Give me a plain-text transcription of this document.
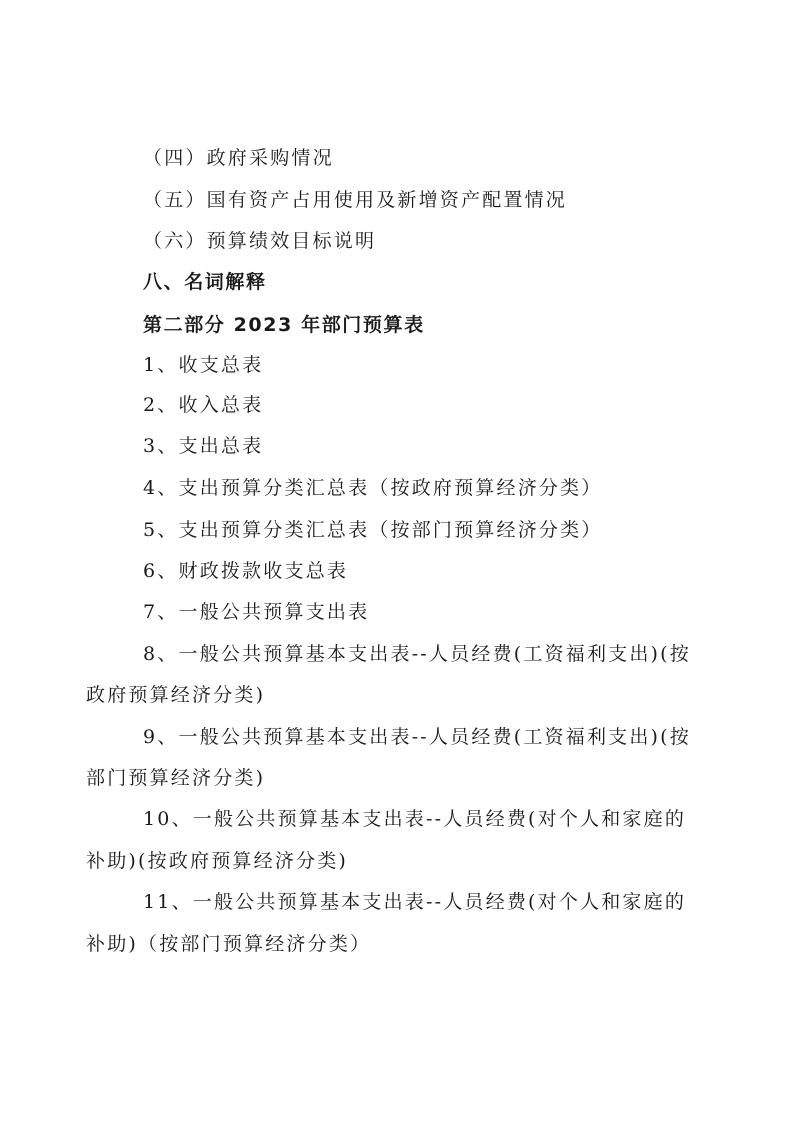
（四）政府采购情况
（五）国有资产占用使用及新增资产配置情况
（六）预算绩效目标说明
八、名词解释
第二部分 2023 年部门预算表
1、收支总表
2、收入总表
3、支出总表
4、支出预算分类汇总表（按政府预算经济分类）
5、支出预算分类汇总表（按部门预算经济分类）
6、财政拨款收支总表
7、一般公共预算支出表
8、一般公共预算基本支出表--人员经费(工资福利支出)(按
政府预算经济分类)
9、一般公共预算基本支出表--人员经费(工资福利支出)(按
部门预算经济分类)
10、一般公共预算基本支出表--人员经费(对个人和家庭的
补助)(按政府预算经济分类)
11、一般公共预算基本支出表--人员经费(对个人和家庭的
补助)（按部门预算经济分类）
